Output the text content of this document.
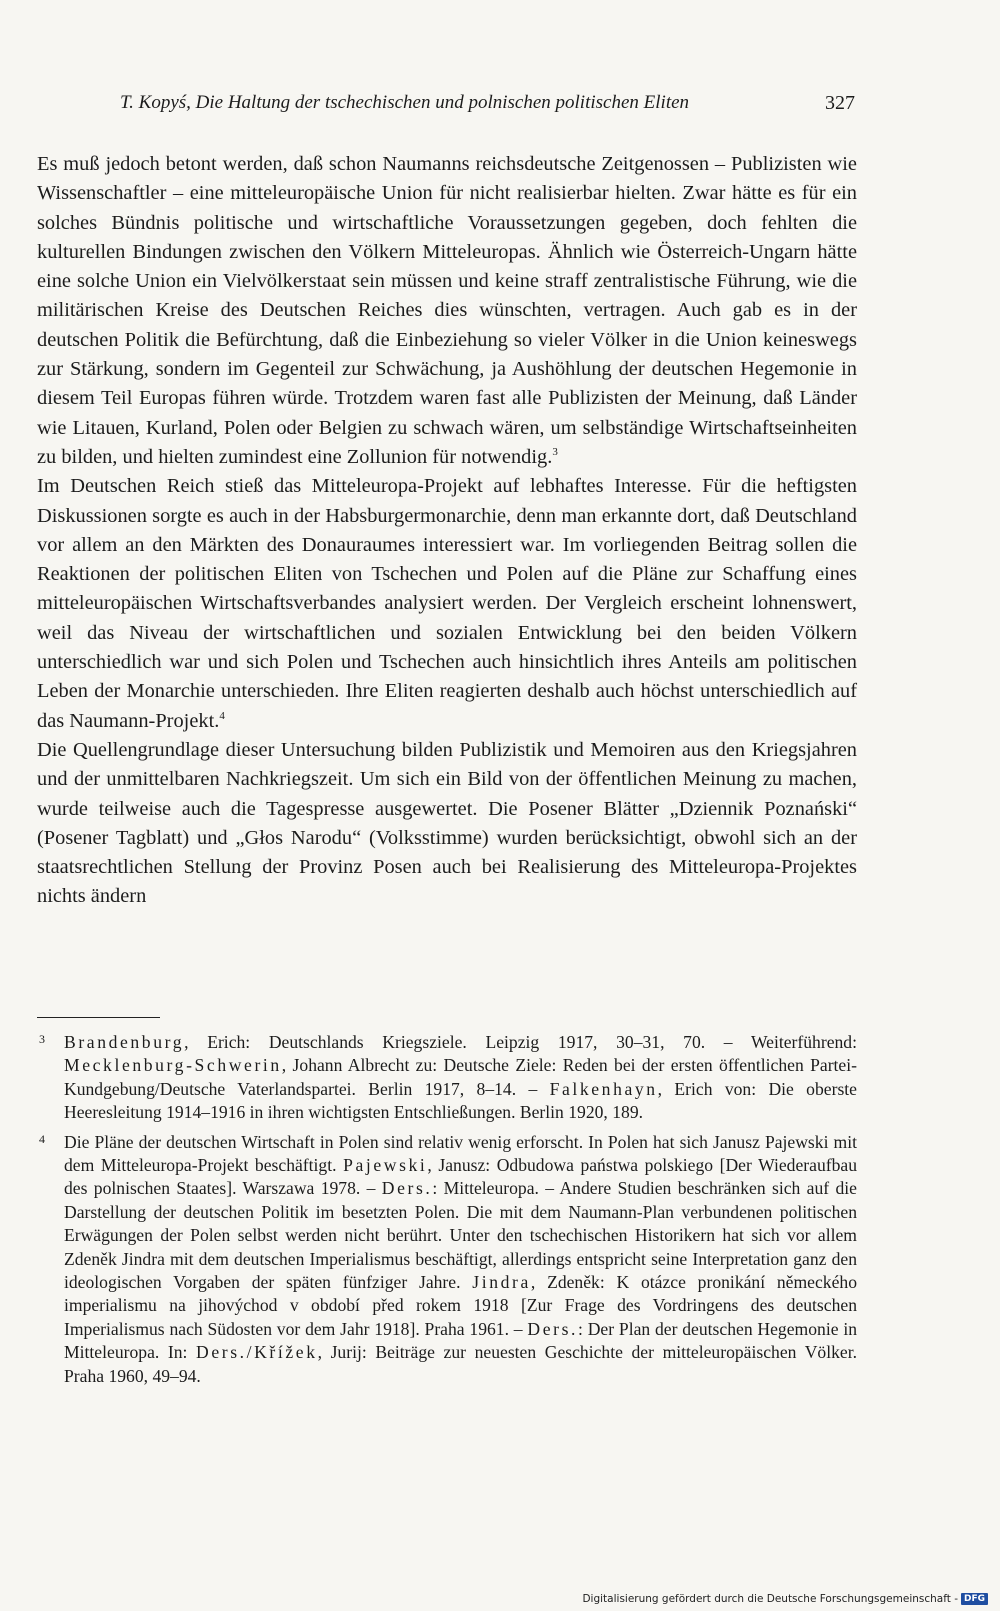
T. Kopyś, Die Haltung der tschechischen und polnischen politischen Eliten	327

Es muß jedoch betont werden, daß schon Naumanns reichsdeutsche Zeitgenossen – Publizisten wie Wissenschaftler – eine mitteleuropäische Union für nicht realisierbar hielten. Zwar hätte es für ein solches Bündnis politische und wirtschaftliche Voraussetzungen gegeben, doch fehlten die kulturellen Bindungen zwischen den Völkern Mitteleuropas. Ähnlich wie Österreich-Ungarn hätte eine solche Union ein Vielvölkerstaat sein müssen und keine straff zentralistische Führung, wie die militärischen Kreise des Deutschen Reiches dies wünschten, vertragen. Auch gab es in der deutschen Politik die Befürchtung, daß die Einbeziehung so vieler Völker in die Union keineswegs zur Stärkung, sondern im Gegenteil zur Schwächung, ja Aushöhlung der deutschen Hegemonie in diesem Teil Europas führen würde. Trotzdem waren fast alle Publizisten der Meinung, daß Länder wie Litauen, Kurland, Polen oder Belgien zu schwach wären, um selbständige Wirtschaftseinheiten zu bilden, und hielten zumindest eine Zollunion für notwendig.$^3$

Im Deutschen Reich stieß das Mitteleuropa-Projekt auf lebhaftes Interesse. Für die heftigsten Diskussionen sorgte es auch in der Habsburgermonarchie, denn man erkannte dort, daß Deutschland vor allem an den Märkten des Donauraumes interessiert war. Im vorliegenden Beitrag sollen die Reaktionen der politischen Eliten von Tschechen und Polen auf die Pläne zur Schaffung eines mitteleuropäischen Wirtschaftsverbandes analysiert werden. Der Vergleich erscheint lohnenswert, weil das Niveau der wirtschaftlichen und sozialen Entwicklung bei den beiden Völkern unterschiedlich war und sich Polen und Tschechen auch hinsichtlich ihres Anteils am politischen Leben der Monarchie unterschieden. Ihre Eliten reagierten deshalb auch höchst unterschiedlich auf das Naumann-Projekt.$^4$

Die Quellengrundlage dieser Untersuchung bilden Publizistik und Memoiren aus den Kriegsjahren und der unmittelbaren Nachkriegszeit. Um sich ein Bild von der öffentlichen Meinung zu machen, wurde teilweise auch die Tagespresse ausgewertet. Die Posener Blätter „Dziennik Poznański“ (Posener Tagblatt) und „Głos Narodu“ (Volksstimme) wurden berücksichtigt, obwohl sich an der staatsrechtlichen Stellung der Provinz Posen auch bei Realisierung des Mitteleuropa-Projektes nichts ändern

3 Brandenburg, Erich: Deutschlands Kriegsziele. Leipzig 1917, 30–31, 70. – Weiterführend: Mecklenburg-Schwerin, Johann Albrecht zu: Deutsche Ziele: Reden bei der ersten öffentlichen Partei-Kundgebung/Deutsche Vaterlandspartei. Berlin 1917, 8–14. – Falkenhayn, Erich von: Die oberste Heeresleitung 1914–1916 in ihren wichtigsten Entschließungen. Berlin 1920, 189.
4 Die Pläne der deutschen Wirtschaft in Polen sind relativ wenig erforscht. In Polen hat sich Janusz Pajewski mit dem Mitteleuropa-Projekt beschäftigt. Pajewski, Janusz: Odbudowa państwa polskiego [Der Wiederaufbau des polnischen Staates]. Warszawa 1978. – Ders.: Mitteleuropa. – Andere Studien beschränken sich auf die Darstellung der deutschen Politik im besetzten Polen. Die mit dem Naumann-Plan verbundenen politischen Erwägungen der Polen selbst werden nicht berührt. Unter den tschechischen Historikern hat sich vor allem Zdeněk Jindra mit dem deutschen Imperialismus beschäftigt, allerdings entspricht seine Interpretation ganz den ideologischen Vorgaben der späten fünfziger Jahre. Jindra, Zdeněk: K otázce pronikání německého imperialismu na jihovýchod v období před rokem 1918 [Zur Frage des Vordringens des deutschen Imperialismus nach Südosten vor dem Jahr 1918]. Praha 1961. – Ders.: Der Plan der deutschen Hegemonie in Mitteleuropa. In: Ders./Křížek, Jurij: Beiträge zur neuesten Geschichte der mitteleuropäischen Völker. Praha 1960, 49–94.
Digitalisierung gefördert durch die Deutsche Forschungsgemeinschaft - DFG
